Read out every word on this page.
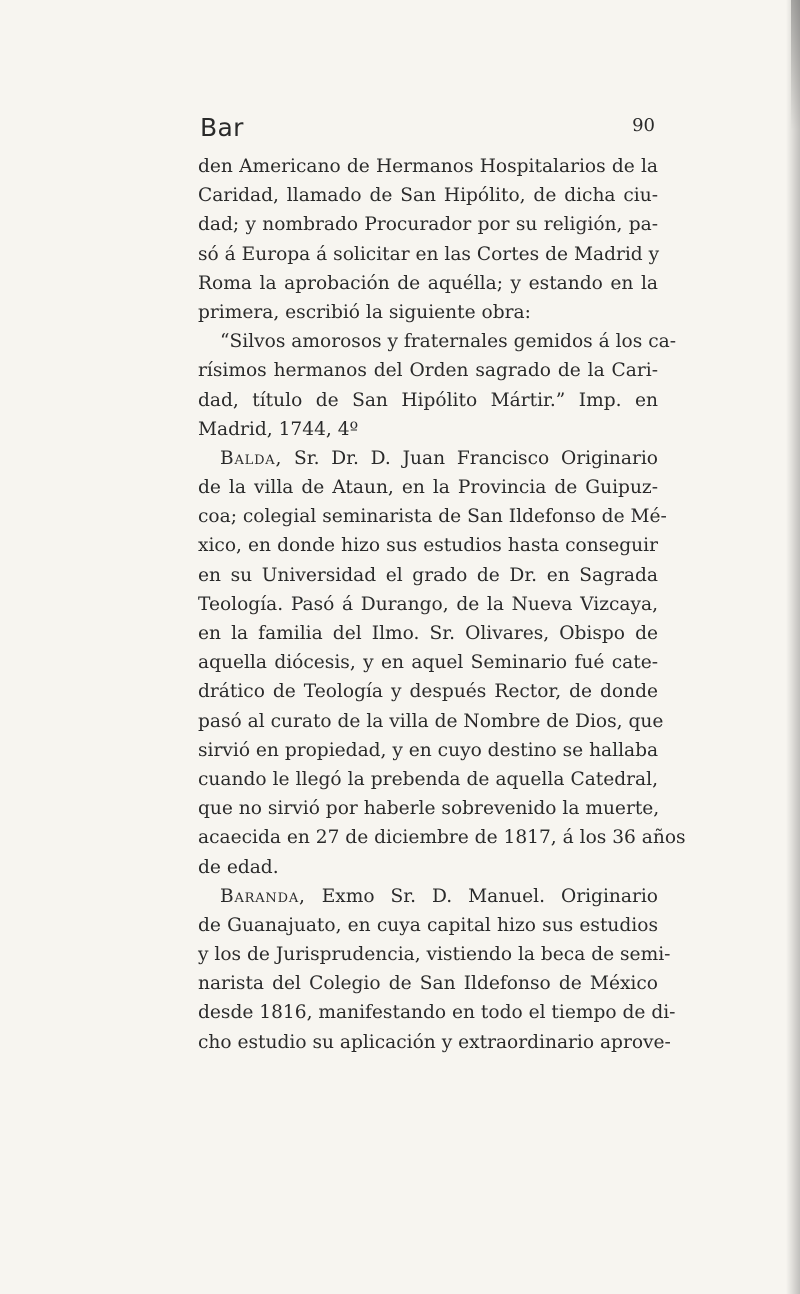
Bar	90
den Americano de Hermanos Hospitalarios de la
Caridad, llamado de San Hipólito, de dicha ciu-
dad; y nombrado Procurador por su religión, pa-
só á Europa á solicitar en las Cortes de Madrid y
Roma la aprobación de aquélla; y estando en la
primera, escribió la siguiente obra:
“Silvos amorosos y fraternales gemidos á los ca-
rísimos hermanos del Orden sagrado de la Cari-
dad, título de San Hipólito Mártir.” Imp. en
Madrid, 1744, 4º
Balda, Sr. Dr. D. Juan Francisco Originario
de la villa de Ataun, en la Provincia de Guipuz-
coa; colegial seminarista de San Ildefonso de Mé-
xico, en donde hizo sus estudios hasta conseguir
en su Universidad el grado de Dr. en Sagrada
Teología. Pasó á Durango, de la Nueva Vizcaya,
en la familia del Ilmo. Sr. Olivares, Obispo de
aquella diócesis, y en aquel Seminario fué cate-
drático de Teología y después Rector, de donde
pasó al curato de la villa de Nombre de Dios, que
sirvió en propiedad, y en cuyo destino se hallaba
cuando le llegó la prebenda de aquella Catedral,
que no sirvió por haberle sobrevenido la muerte,
acaecida en 27 de diciembre de 1817, á los 36 años
de edad.
Baranda, Exmo Sr. D. Manuel. Originario
de Guanajuato, en cuya capital hizo sus estudios
y los de Jurisprudencia, vistiendo la beca de semi-
narista del Colegio de San Ildefonso de México
desde 1816, manifestando en todo el tiempo de di-
cho estudio su aplicación y extraordinario aprove-
